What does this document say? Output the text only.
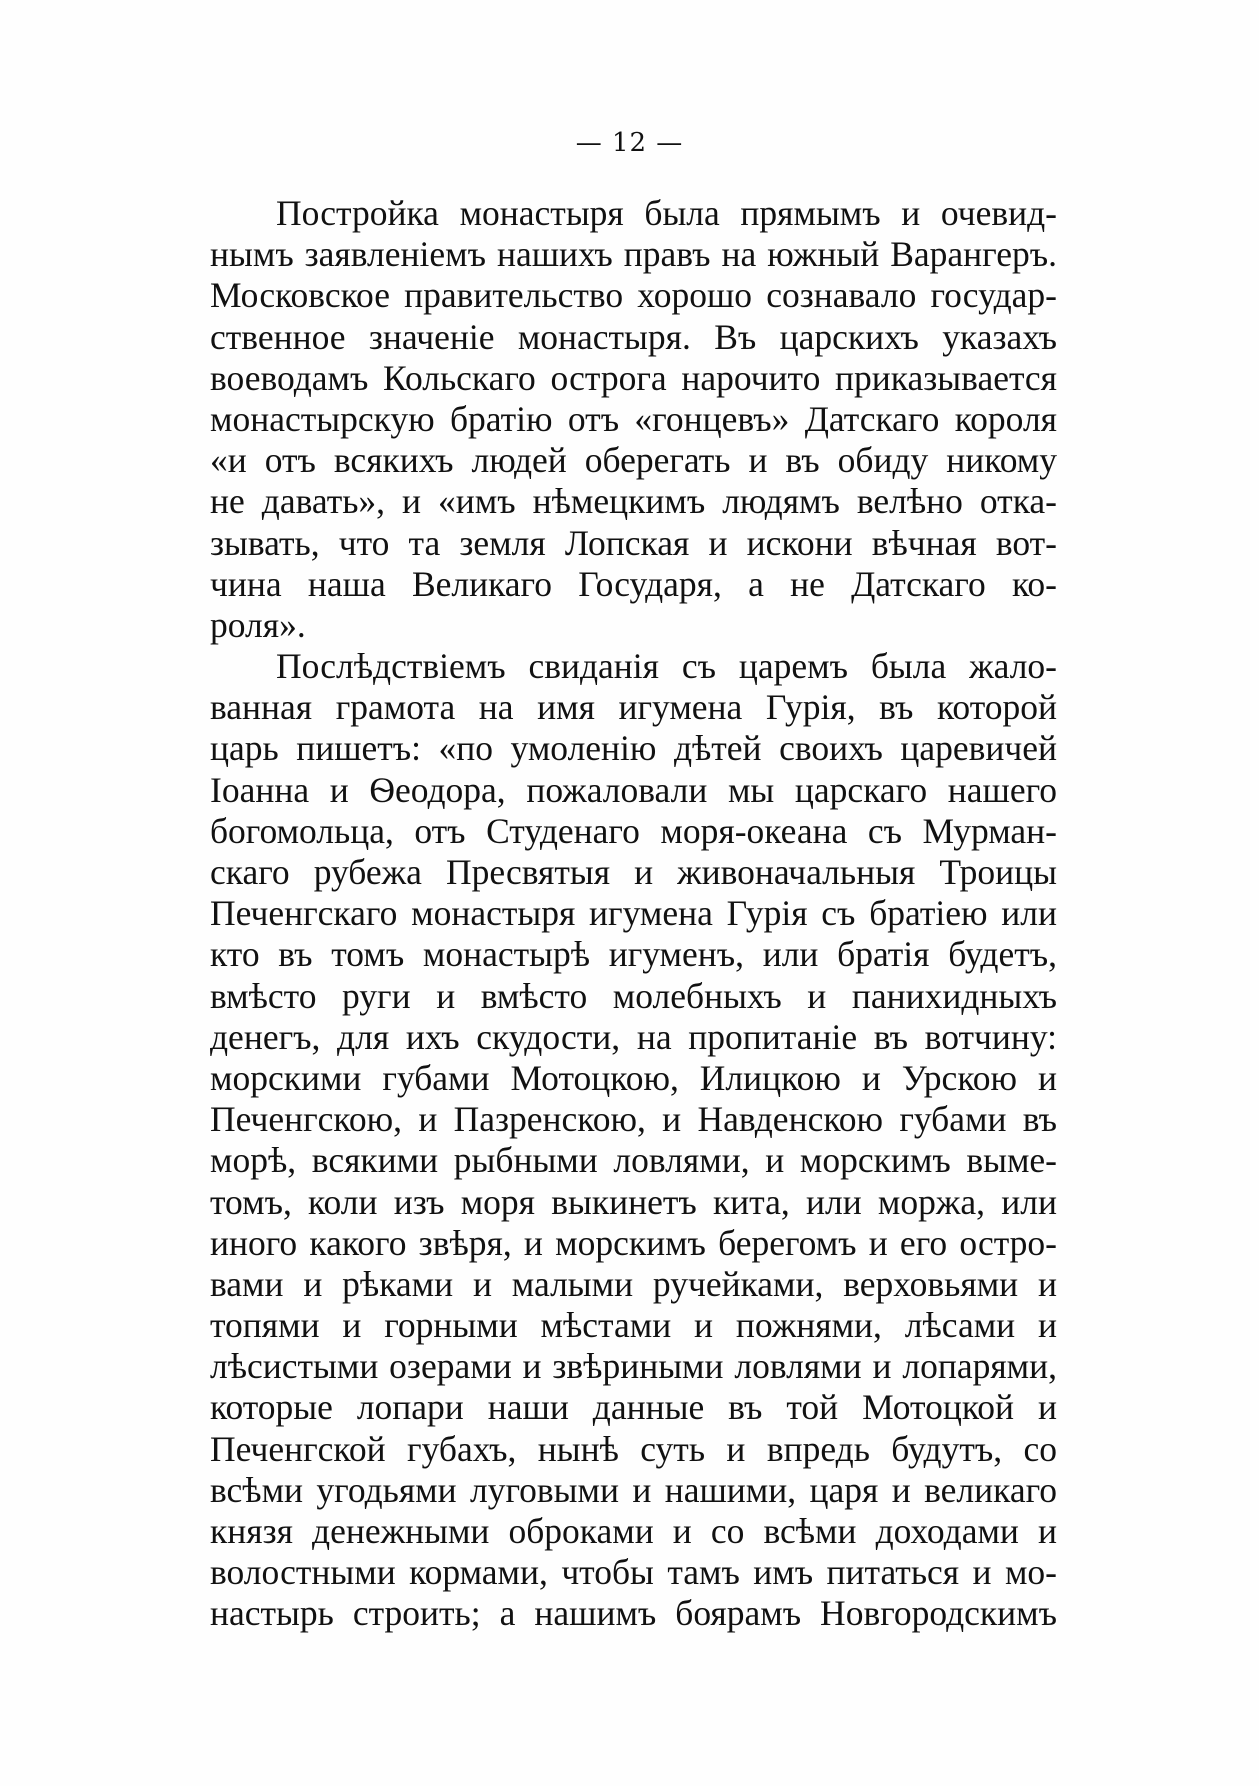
— 12 —
Постройка монастыря была прямымъ и очевид-
нымъ заявленіемъ нашихъ правъ на южный Варангеръ.
Московское правительство хорошо сознавало государ-
ственное значеніе монастыря. Въ царскихъ указахъ
воеводамъ Кольскаго острога нарочито приказывается
монастырскую братію отъ «гонцевъ» Датскаго короля
«и отъ всякихъ людей оберегать и въ обиду никому
не давать», и «имъ нѣмецкимъ людямъ велѣно отка-
зывать, что та земля Лопская и искони вѣчная вот-
чина наша Великаго Государя, а не Датскаго ко-
роля».
Послѣдствіемъ свиданія съ царемъ была жало-
ванная грамота на имя игумена Гурія, въ которой
царь пишетъ: «по умоленію дѣтей своихъ царевичей
Іоанна и Ѳеодора, пожаловали мы царскаго нашего
богомольца, отъ Студенаго моря-океана съ Мурман-
скаго рубежа Пресвятыя и живоначальныя Троицы
Печенгскаго монастыря игумена Гурія съ братіею или
кто въ томъ монастырѣ игуменъ, или братія будетъ,
вмѣсто руги и вмѣсто молебныхъ и панихидныхъ
денегъ, для ихъ скудости, на пропитаніе въ вотчину:
морскими губами Мотоцкою, Илицкою и Урскою и
Печенгскою, и Пазренскою, и Навденскою губами въ
морѣ, всякими рыбными ловлями, и морскимъ выме-
томъ, коли изъ моря выкинетъ кита, или моржа, или
иного какого звѣря, и морскимъ берегомъ и его остро-
вами и рѣками и малыми ручейками, верховьями и
топями и горными мѣстами и пожнями, лѣсами и
лѣсистыми озерами и звѣриными ловлями и лопарями,
которые лопари наши данные въ той Мотоцкой и
Печенгской губахъ, нынѣ суть и впредь будутъ, со
всѣми угодьями луговыми и нашими, царя и великаго
князя денежными оброками и со всѣми доходами и
волостными кормами, чтобы тамъ имъ питаться и мо-
настырь строить; а нашимъ боярамъ Новгородскимъ
